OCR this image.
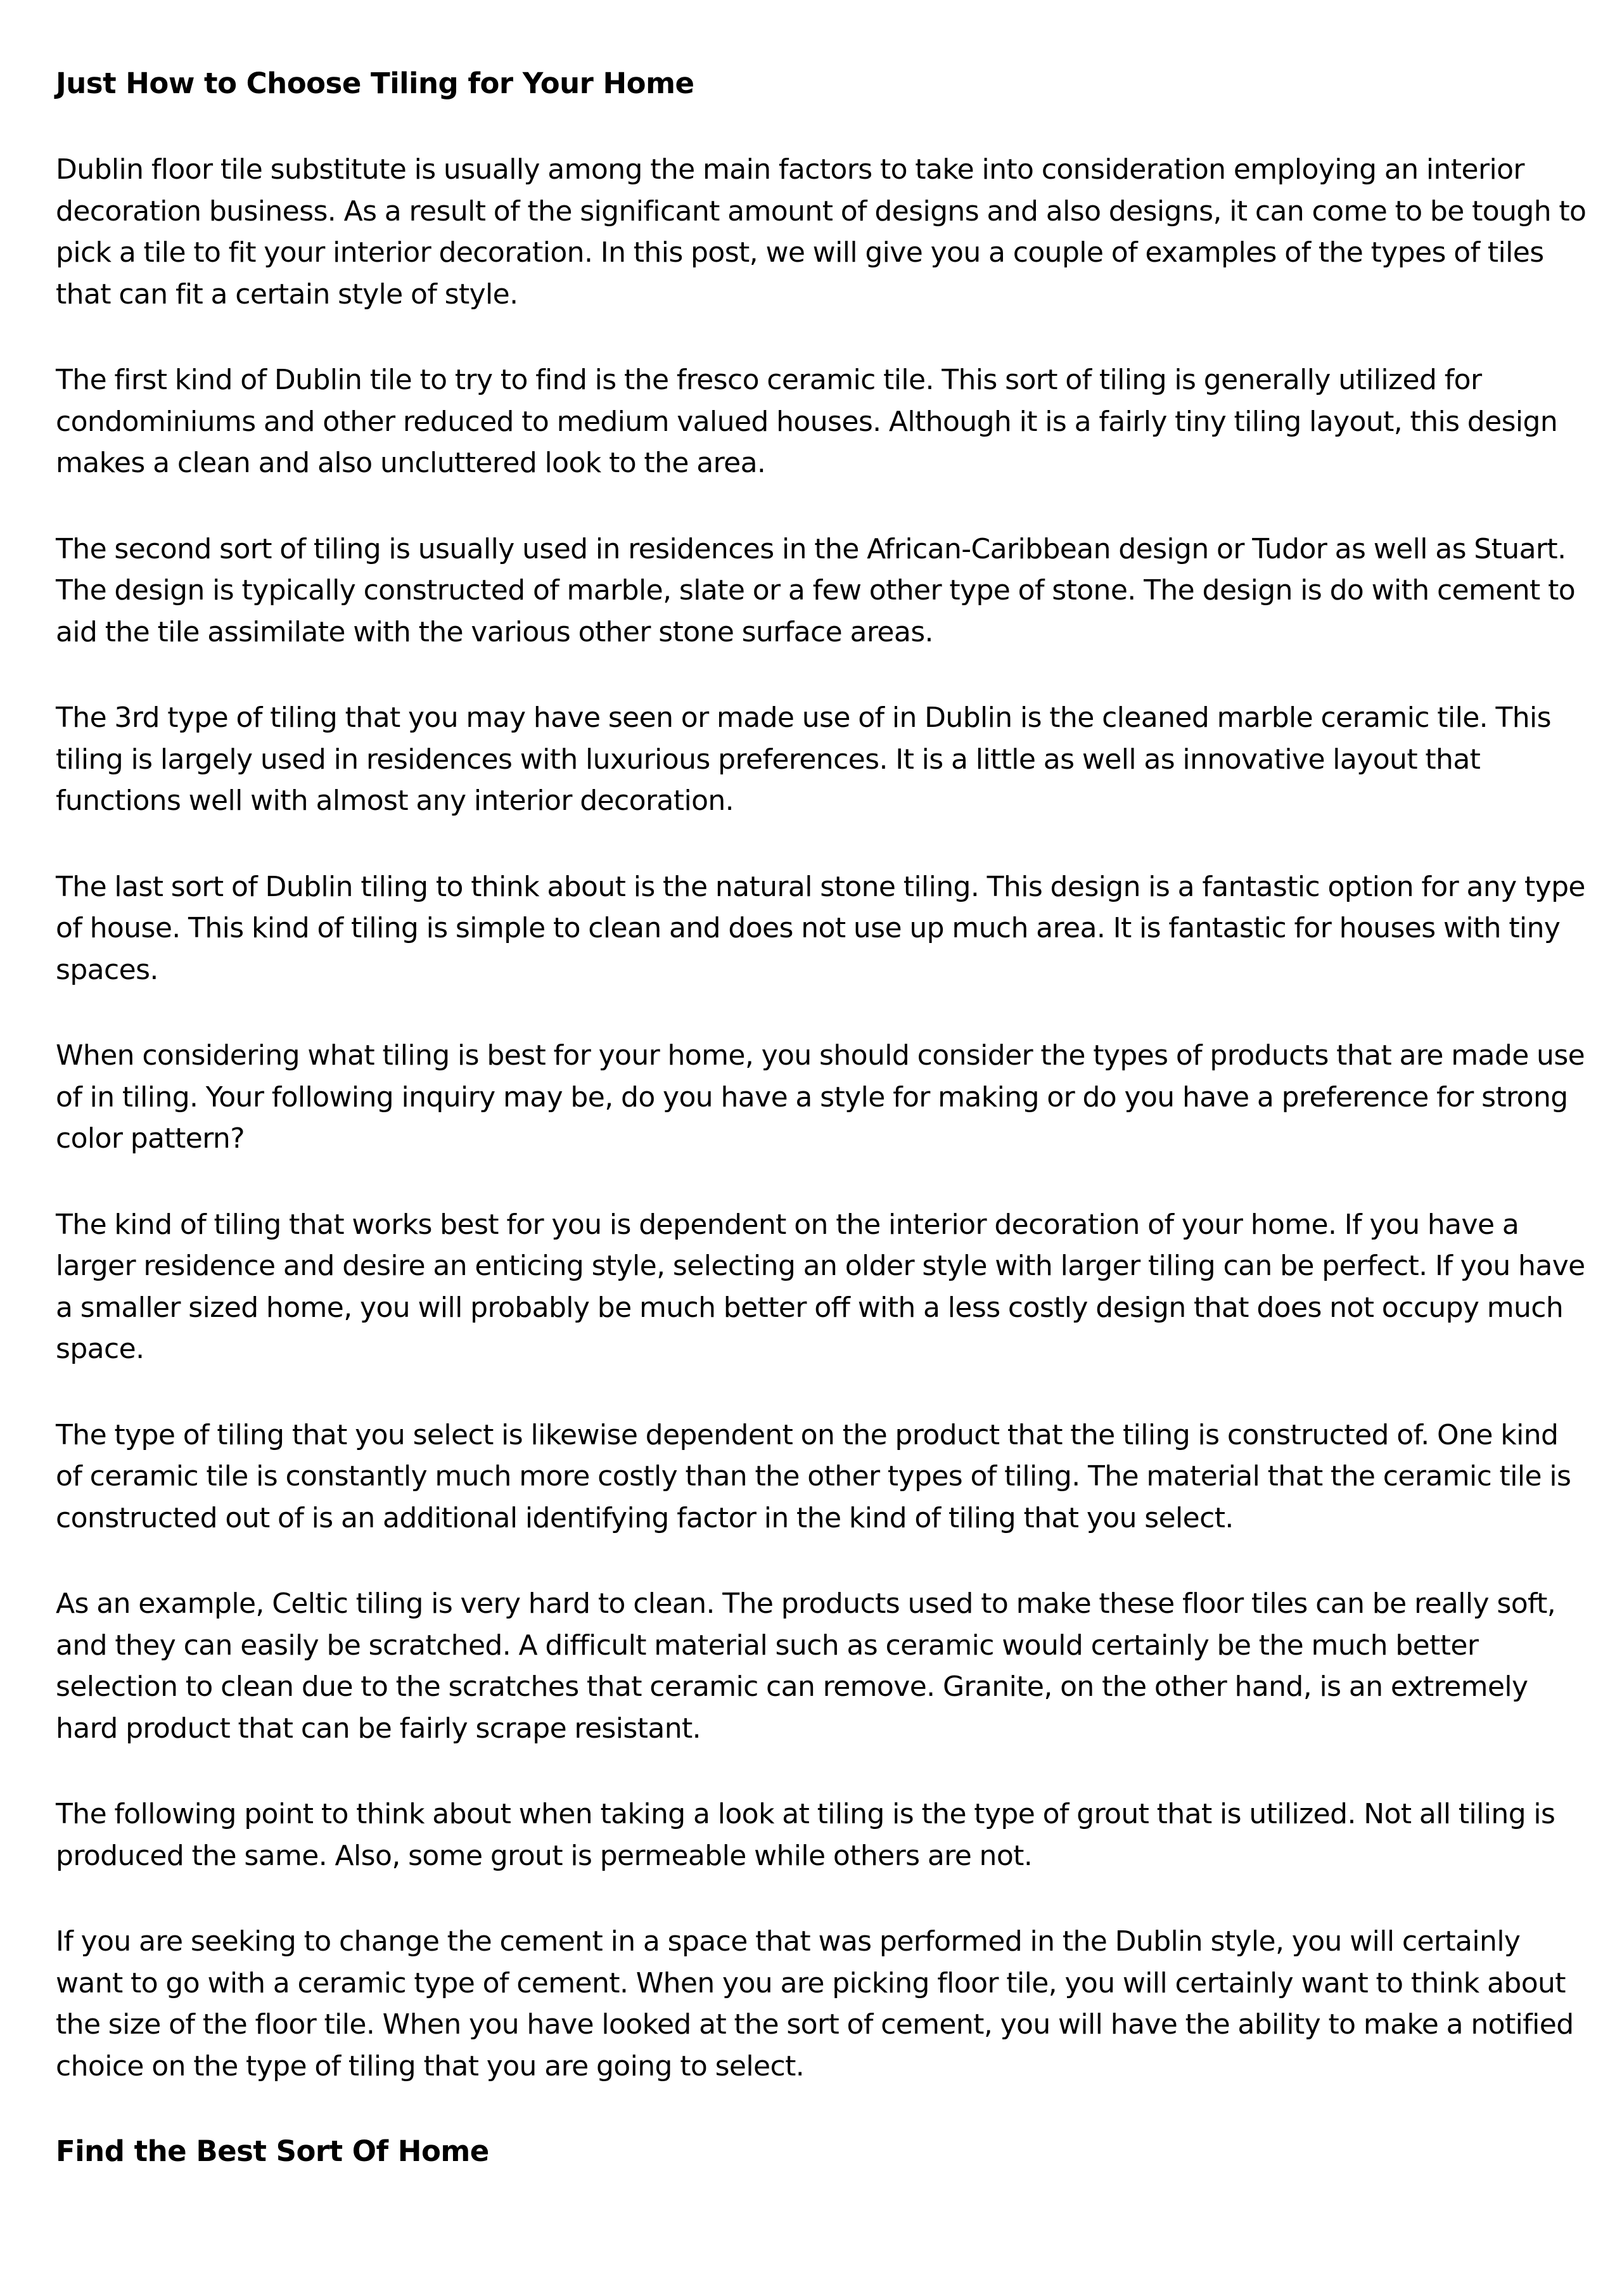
Just How to Choose Tiling for Your Home

Dublin floor tile substitute is usually among the main factors to take into consideration employing an interior decoration business. As a result of the significant amount of designs and also designs, it can come to be tough to pick a tile to fit your interior decoration. In this post, we will give you a couple of examples of the types of tiles that can fit a certain style of style.

The first kind of Dublin tile to try to find is the fresco ceramic tile. This sort of tiling is generally utilized for condominiums and other reduced to medium valued houses. Although it is a fairly tiny tiling layout, this design makes a clean and also uncluttered look to the area.

The second sort of tiling is usually used in residences in the African-Caribbean design or Tudor as well as Stuart. The design is typically constructed of marble, slate or a few other type of stone. The design is do with cement to aid the tile assimilate with the various other stone surface areas.

The 3rd type of tiling that you may have seen or made use of in Dublin is the cleaned marble ceramic tile. This tiling is largely used in residences with luxurious preferences. It is a little as well as innovative layout that functions well with almost any interior decoration.

The last sort of Dublin tiling to think about is the natural stone tiling. This design is a fantastic option for any type of house. This kind of tiling is simple to clean and does not use up much area. It is fantastic for houses with tiny spaces.

When considering what tiling is best for your home, you should consider the types of products that are made use of in tiling. Your following inquiry may be, do you have a style for making or do you have a preference for strong color pattern?

The kind of tiling that works best for you is dependent on the interior decoration of your home. If you have a larger residence and desire an enticing style, selecting an older style with larger tiling can be perfect. If you have a smaller sized home, you will probably be much better off with a less costly design that does not occupy much space.

The type of tiling that you select is likewise dependent on the product that the tiling is constructed of. One kind of ceramic tile is constantly much more costly than the other types of tiling. The material that the ceramic tile is constructed out of is an additional identifying factor in the kind of tiling that you select.

As an example, Celtic tiling is very hard to clean. The products used to make these floor tiles can be really soft, and they can easily be scratched. A difficult material such as ceramic would certainly be the much better selection to clean due to the scratches that ceramic can remove. Granite, on the other hand, is an extremely hard product that can be fairly scrape resistant.

The following point to think about when taking a look at tiling is the type of grout that is utilized. Not all tiling is produced the same. Also, some grout is permeable while others are not.

If you are seeking to change the cement in a space that was performed in the Dublin style, you will certainly want to go with a ceramic type of cement. When you are picking floor tile, you will certainly want to think about the size of the floor tile. When you have looked at the sort of cement, you will have the ability to make a notified choice on the type of tiling that you are going to select.

Find the Best Sort Of Home
